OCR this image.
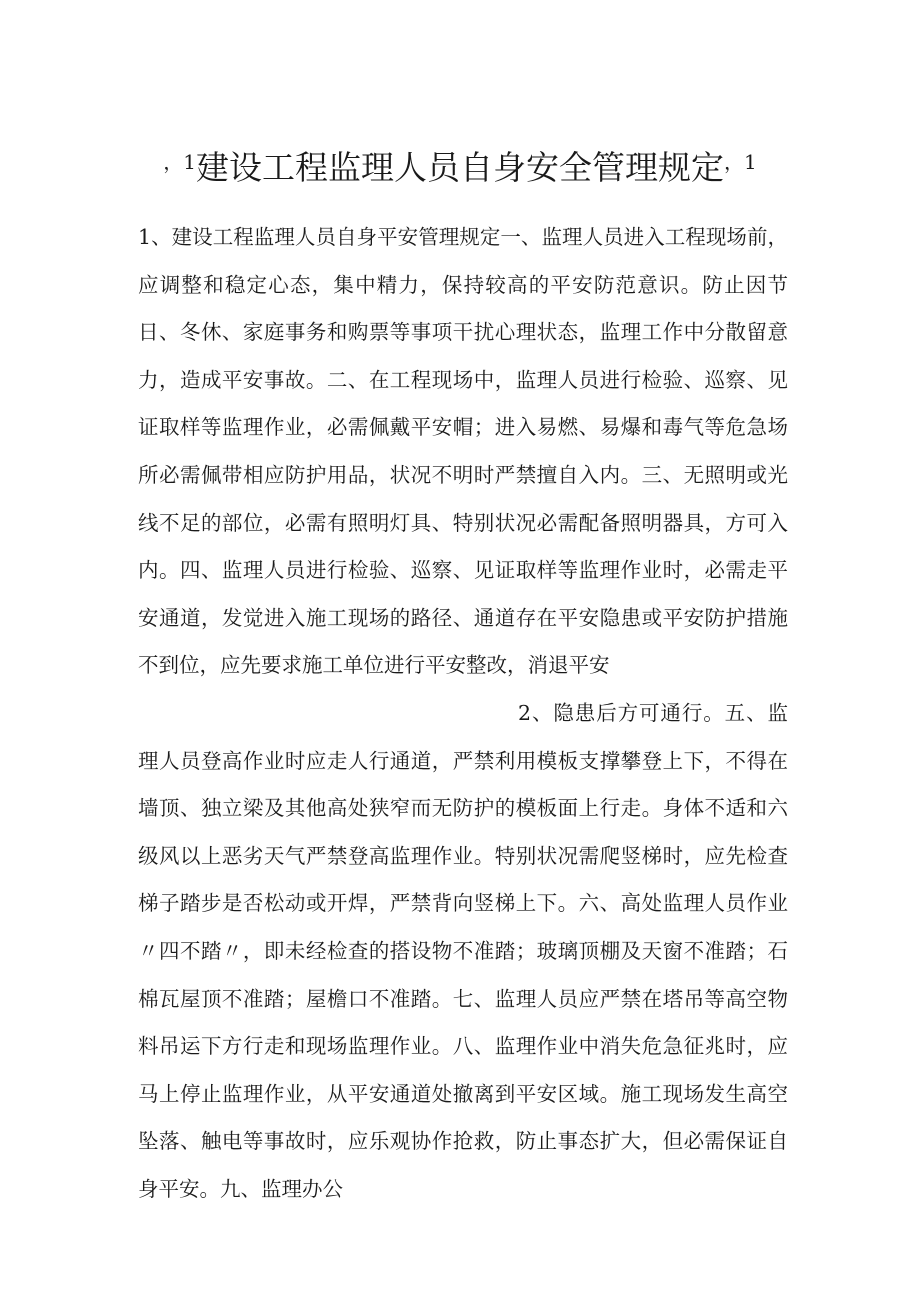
$^{,1}$建设工程监理人员自身安全管理规定$^{,1}$

1、建设工程监理人员自身平安管理规定一、监理人员进入工程现场前，应调整和稳定心态，集中精力，保持较高的平安防范意识。防止因节日、冬休、家庭事务和购票等事项干扰心理状态，监理工作中分散留意力，造成平安事故。二、在工程现场中，监理人员进行检验、巡察、见证取样等监理作业，必需佩戴平安帽；进入易燃、易爆和毒气等危急场所必需佩带相应防护用品，状况不明时严禁擅自入内。三、无照明或光线不足的部位，必需有照明灯具、特别状况必需配备照明器具，方可入内。四、监理人员进行检验、巡察、见证取样等监理作业时，必需走平安通道，发觉进入施工现场的路径、通道存在平安隐患或平安防护措施不到位，应先要求施工单位进行平安整改，消退平安

2、隐患后方可通行。五、监理人员登高作业时应走人行通道，严禁利用模板支撑攀登上下，不得在墙顶、独立梁及其他高处狭窄而无防护的模板面上行走。身体不适和六级风以上恶劣天气严禁登高监理作业。特别状况需爬竖梯时，应先检查梯子踏步是否松动或开焊，严禁背向竖梯上下。六、高处监理人员作业〃四不踏〃，即未经检查的搭设物不准踏；玻璃顶棚及天窗不准踏；石棉瓦屋顶不准踏；屋檐口不准踏。七、监理人员应严禁在塔吊等高空物料吊运下方行走和现场监理作业。八、监理作业中消失危急征兆时，应马上停止监理作业，从平安通道处撤离到平安区域。施工现场发生高空坠落、触电等事故时，应乐观协作抢救，防止事态扩大，但必需保证自身平安。九、监理办公
